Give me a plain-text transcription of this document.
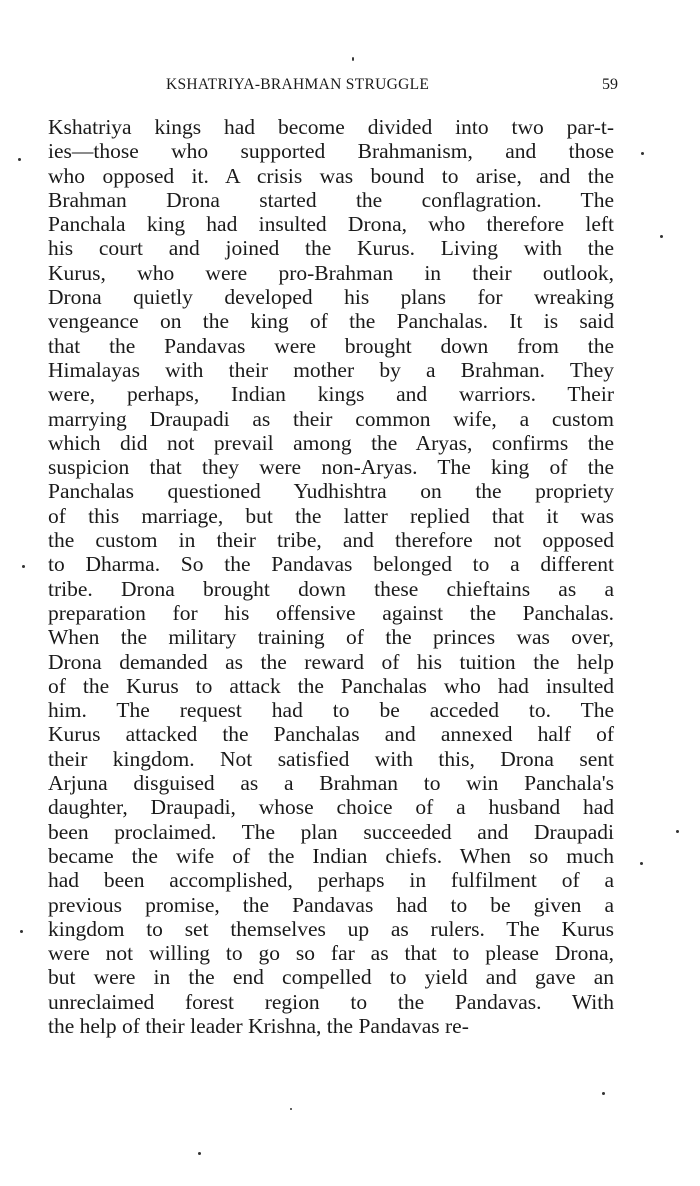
KSHATRIYA-BRAHMAN STRUGGLE	59
Kshatriya kings had become divided into two par-t-
ies—those who supported Brahmanism, and those
who opposed it. A crisis was bound to arise, and the
Brahman Drona started the conflagration. The
Panchala king had insulted Drona, who therefore left
his court and joined the Kurus. Living with the
Kurus, who were pro-Brahman in their outlook,
Drona quietly developed his plans for wreaking
vengeance on the king of the Panchalas. It is said
that the Pandavas were brought down from the
Himalayas with their mother by a Brahman. They
were, perhaps, Indian kings and warriors. Their
marrying Draupadi as their common wife, a custom
which did not prevail among the Aryas, confirms the
suspicion that they were non-Aryas. The king of the
Panchalas questioned Yudhishtra on the propriety
of this marriage, but the latter replied that it was
the custom in their tribe, and therefore not opposed
to Dharma. So the Pandavas belonged to a different
tribe. Drona brought down these chieftains as a
preparation for his offensive against the Panchalas.
When the military training of the princes was over,
Drona demanded as the reward of his tuition the help
of the Kurus to attack the Panchalas who had insulted
him. The request had to be acceded to. The
Kurus attacked the Panchalas and annexed half of
their kingdom. Not satisfied with this, Drona sent
Arjuna disguised as a Brahman to win Panchala's
daughter, Draupadi, whose choice of a husband had
been proclaimed. The plan succeeded and Draupadi
became the wife of the Indian chiefs. When so much
had been accomplished, perhaps in fulfilment of a
previous promise, the Pandavas had to be given a
kingdom to set themselves up as rulers. The Kurus
were not willing to go so far as that to please Drona,
but were in the end compelled to yield and gave an
unreclaimed forest region to the Pandavas. With
the help of their leader Krishna, the Pandavas re-
